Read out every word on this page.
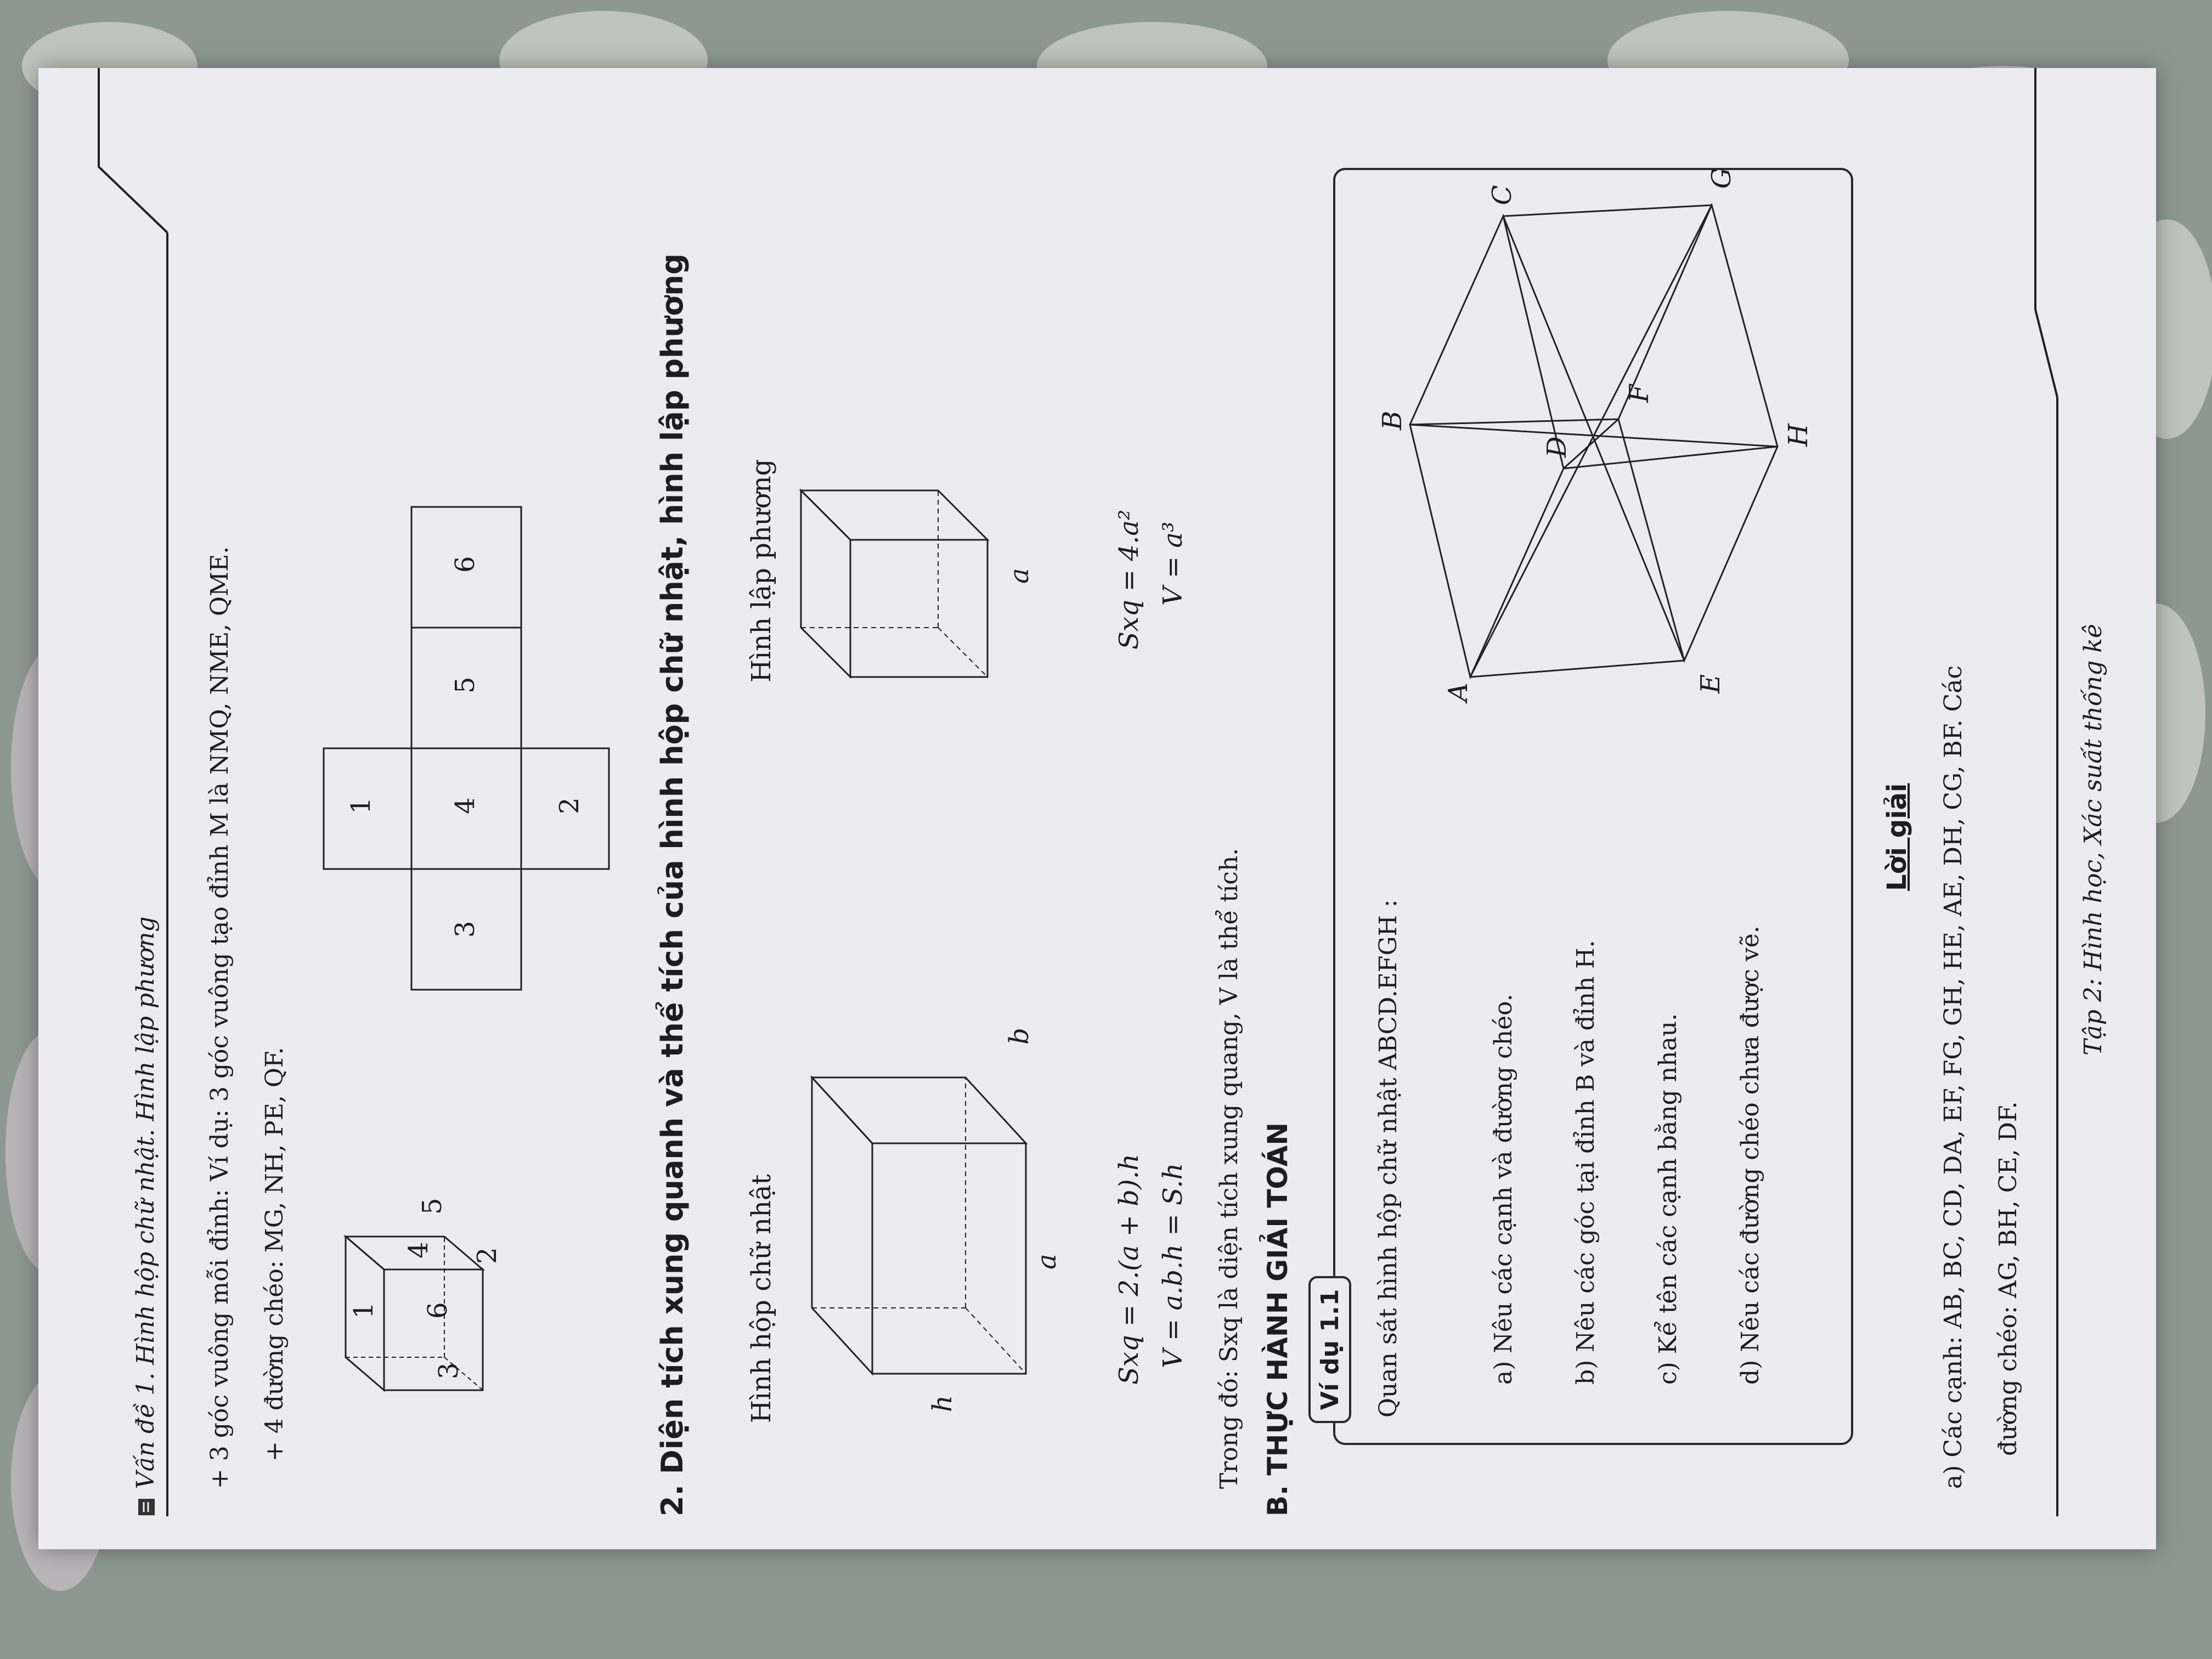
Vấn đề 1. Hình hộp chữ nhật. Hình lập phương + 3 góc vuông mỗi đỉnh: Ví dụ: 3 góc vuông tạo đỉnh M là NMQ, NME, QME. + 4 đường chéo: MG, NH, PE, QF. 1
3
6
4
5
2
1
3
4
5
6
2 2. Diện tích xung quanh và thể tích của hình hộp chữ nhật, hình lập phương Hình hộp chữ nhật
Hình lập phương
h
a
b
a
Sxq = 2.(a + b).h V = a.b.h = S.h
Sxq = 4.a² V = a³
Trong đó: Sxq là diện tích xung quang, V là thể tích. B. THỰC HÀNH GIẢI TOÁN Ví dụ 1.1 Quan sát hình hộp chữ nhật ABCD.EFGH :	a) Nêu các cạnh và đường chéo. b) Nêu các góc tại đỉnh B và đỉnh H. c) Kể tên các cạnh bằng nhau. d) Nêu các đường chéo chưa được vẽ.
A
B
C
D
E
F
G
H
Lời giải a) Các cạnh: AB, BC, CD, DA, EF, FG, GH, HE, AE, DH, CG, BF. Các đường chéo: AG, BH, CE, DF.
Tập 2: Hình học, Xác suất thống kê
